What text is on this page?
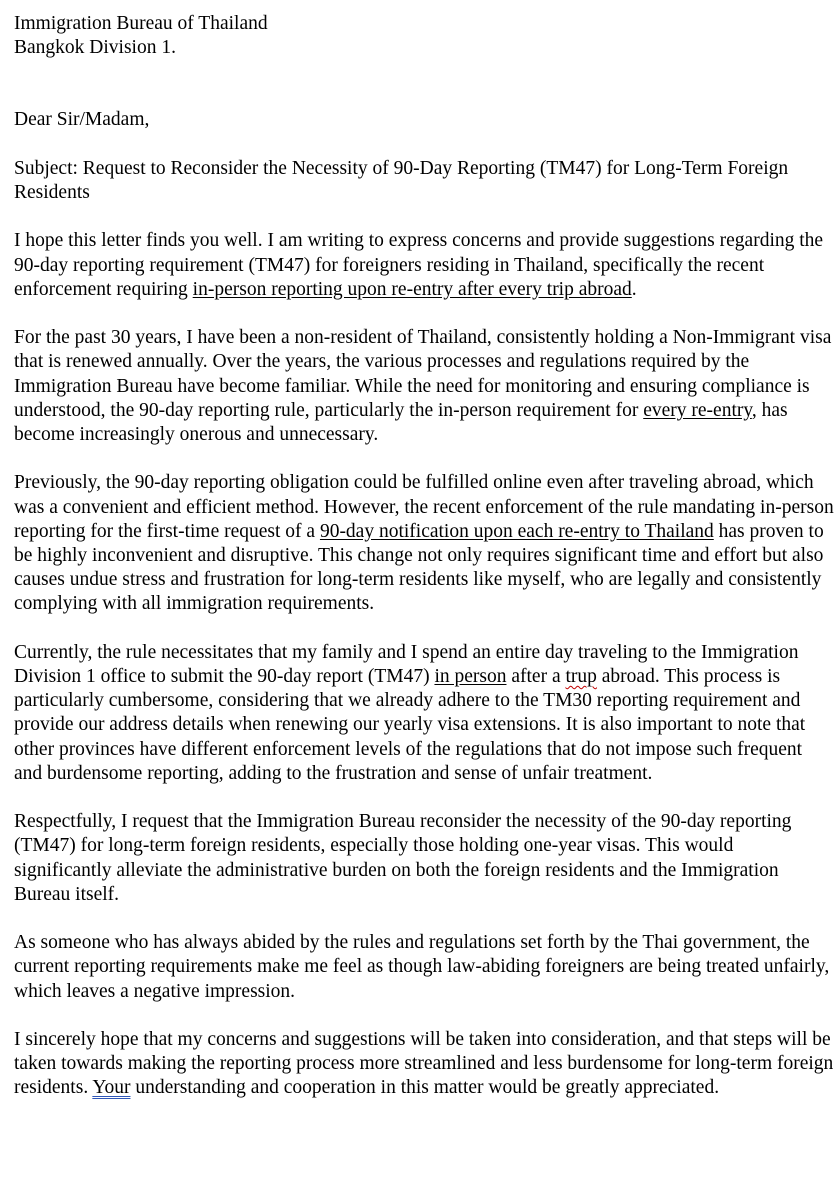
Immigration Bureau of Thailand
Bangkok Division 1.
Dear Sir/Madam,

Subject: Request to Reconsider the Necessity of 90-Day Reporting (TM47) for Long-Term Foreign Residents

I hope this letter finds you well. I am writing to express concerns and provide suggestions regarding the 90-day reporting requirement (TM47) for foreigners residing in Thailand, specifically the recent enforcement requiring in-person reporting upon re-entry after every trip abroad.

For the past 30 years, I have been a non-resident of Thailand, consistently holding a Non-Immigrant visa that is renewed annually. Over the years, the various processes and regulations required by the Immigration Bureau have become familiar. While the need for monitoring and ensuring compliance is understood, the 90-day reporting rule, particularly the in-person requirement for every re-entry, has become increasingly onerous and unnecessary.

Previously, the 90-day reporting obligation could be fulfilled online even after traveling abroad, which was a convenient and efficient method. However, the recent enforcement of the rule mandating in-person reporting for the first-time request of a 90-day notification upon each re-entry to Thailand has proven to be highly inconvenient and disruptive. This change not only requires significant time and effort but also causes undue stress and frustration for long-term residents like myself, who are legally and consistently complying with all immigration requirements.

Currently, the rule necessitates that my family and I spend an entire day traveling to the Immigration Division 1 office to submit the 90-day report (TM47) in person after a trup abroad. This process is particularly cumbersome, considering that we already adhere to the TM30 reporting requirement and provide our address details when renewing our yearly visa extensions. It is also important to note that other provinces have different enforcement levels of the regulations that do not impose such frequent and burdensome reporting, adding to the frustration and sense of unfair treatment.

Respectfully, I request that the Immigration Bureau reconsider the necessity of the 90-day reporting (TM47) for long-term foreign residents, especially those holding one-year visas. This would significantly alleviate the administrative burden on both the foreign residents and the Immigration Bureau itself.

As someone who has always abided by the rules and regulations set forth by the Thai government, the current reporting requirements make me feel as though law-abiding foreigners are being treated unfairly, which leaves a negative impression.

I sincerely hope that my concerns and suggestions will be taken into consideration, and that steps will be taken towards making the reporting process more streamlined and less burdensome for long-term foreign residents. Your understanding and cooperation in this matter would be greatly appreciated.
